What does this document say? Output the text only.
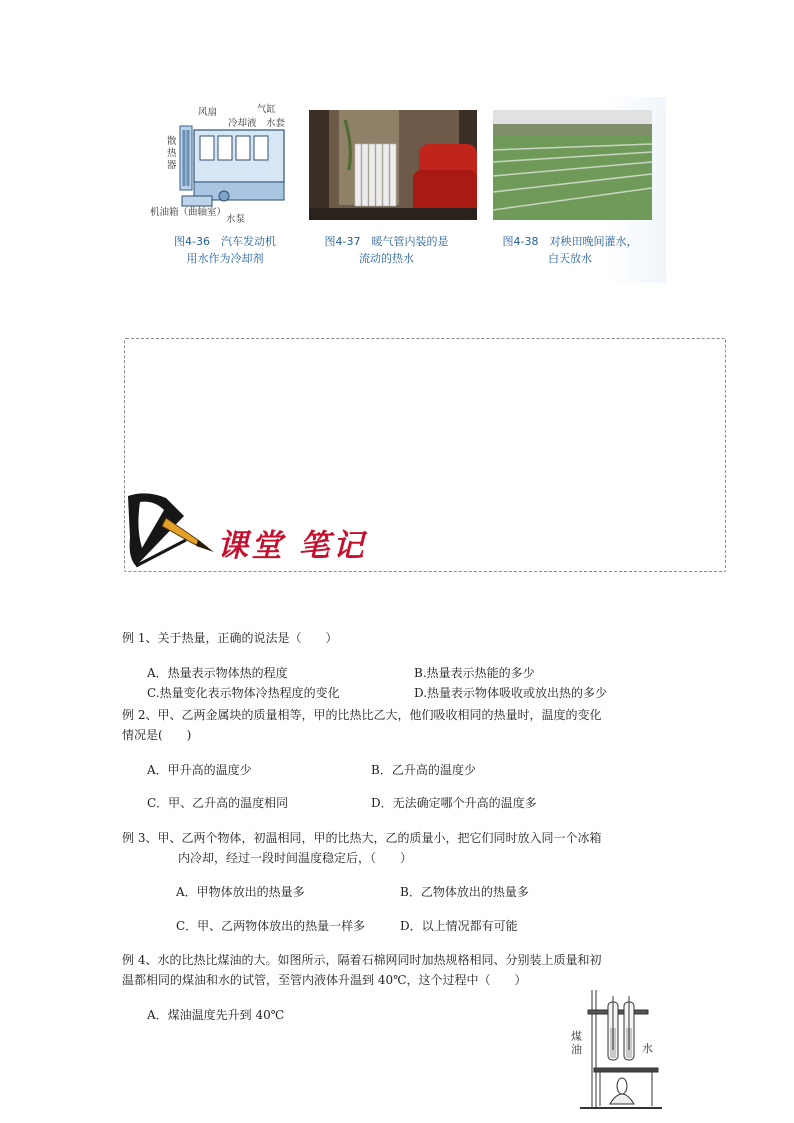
风扇	气缸
冷却液 水套
散热器
机油箱（曲轴室）
水泵
图4-36　汽车发动机
用水作为冷却剂
图4-37　暖气管内装的是
流动的热水
图4-38　对秧田晚间灌水，
白天放水
课堂 笔记
例 1、关于热量，正确的说法是（　　）
A．热量表示物体热的程度	B.热量表示热能的多少
C.热量变化表示物体冷热程度的变化	D.热量表示物体吸收或放出热的多少
例 2、甲、乙两金属块的质量相等，甲的比热比乙大，他们吸收相同的热量时，温度的变化
情况是(　　)
A．甲升高的温度少	B．乙升高的温度少
C．甲、乙升高的温度相同	D．无法确定哪个升高的温度多
例 3、甲、乙两个物体，初温相同，甲的比热大，乙的质量小，把它们同时放入同一个冰箱
内冷却，经过一段时间温度稳定后，（　　）
A．甲物体放出的热量多	B．乙物体放出的热量多
C．甲、乙两物体放出的热量一样多	D．以上情况都有可能
例 4、水的比热比煤油的大。如图所示，隔着石棉网同时加热规格相同、分别装上质量和初
温都相同的煤油和水的试管，至管内液体升温到 40℃，这个过程中（　　）
A．煤油温度先升到 40℃
煤油	水
